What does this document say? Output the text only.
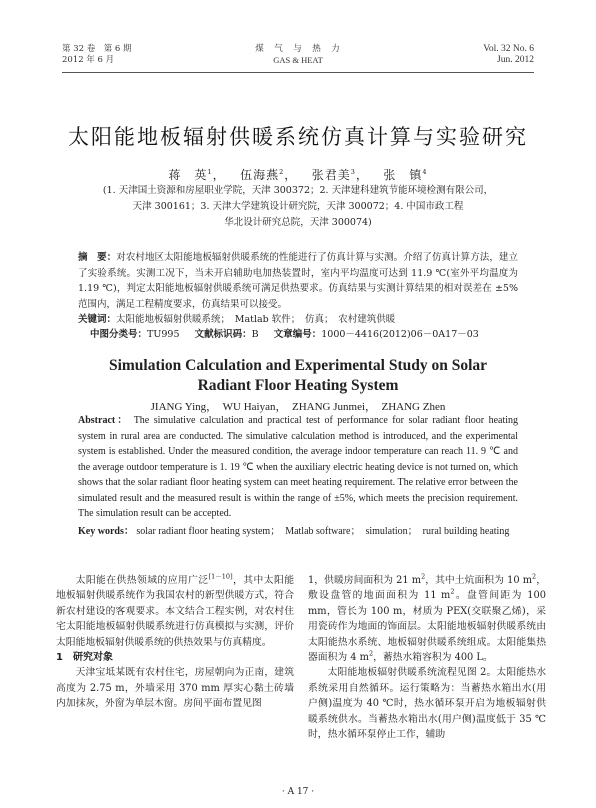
第 32 卷　第 6 期
2012 年 6 月
煤　气　与　热　力
GAS & HEAT
Vol. 32 No. 6
Jun. 2012
太阳能地板辐射供暖系统仿真计算与实验研究
蒋　英$^1$，   伍海燕$^2$，   张君美$^3$，   张　镇$^4$
(1. 天津国土资源和房屋职业学院，天津 300372；2. 天津建科建筑节能环境检测有限公司，
天津 300161；3. 天津大学建筑设计研究院，天津 300072；4. 中国市政工程
华北设计研究总院，天津 300074)
摘　要：对农村地区太阳能地板辐射供暖系统的性能进行了仿真计算与实测。介绍了仿真计算方法，建立了实验系统。实测工况下，当未开启辅助电加热装置时，室内平均温度可达到 11.9 ℃(室外平均温度为 1.19 ℃)，判定太阳能地板辐射供暖系统可满足供热要求。仿真结果与实测计算结果的相对误差在 ±5% 范围内，满足工程精度要求，仿真结果可以接受。
关键词：太阳能地板辐射供暖系统；　Matlab 软件；　仿真；　农村建筑供暖
中图分类号：TU995 文献标识码：B 文章编号：1000－4416(2012)06－0A17－03
Simulation Calculation and Experimental Study on Solar
Radiant Floor Heating System
JIANG Ying，　WU Haiyan，　ZHANG Junmei，　ZHANG Zhen
Abstract： The simulative calculation and practical test of performance for solar radiant floor heating system in rural area are conducted. The simulative calculation method is introduced, and the experimental system is established. Under the measured condition, the average indoor temperature can reach 11. 9 ℃ and the average outdoor temperature is 1. 19 ℃ when the auxiliary electric heating device is not turned on, which shows that the solar radiant floor heating system can meet heating requirement. The relative error between the simulated result and the measured result is within the range of ±5%, which meets the precision requirement. The simulation result can be accepted.
Key words： solar radiant floor heating system；　Matlab software；　simulation；　rural building heating

太阳能在供热领域的应用广泛[1－10]，其中太阳能地板辐射供暖系统作为我国农村的新型供暖方式，符合新农村建设的客观要求。本文结合工程实例，对农村住宅太阳能地板辐射供暖系统进行仿真模拟与实测，评价太阳能地板辐射供暖系统的供热效果与仿真精度。

1　研究对象

天津宝坻某既有农村住宅，房屋朝向为正南，建筑高度为 2.75 m，外墙采用 370 mm 厚实心黏土砖墙内加抹灰，外窗为单层木窗。房间平面布置见图

1，供暖房间面积为 21 $m^2$，其中土炕面积为 10 $m^2$，敷设盘管的地面面积为 11 $m^2$。盘管间距为 100 mm，管长为 100 m，材质为 PEX(交联聚乙烯)，采用瓷砖作为地面的饰面层。太阳能地板辐射供暖系统由太阳能热水系统、地板辐射供暖系统组成。太阳能集热器面积为 4 $m^2$，蓄热水箱容积为 400 L。

太阳能地板辐射供暖系统流程见图 2。太阳能热水系统采用自然循环。运行策略为：当蓄热水箱出水(用户侧)温度为 40 ℃时，热水循环泵开启为地板辐射供暖系统供水。当蓄热水箱出水(用户侧)温度低于 35 ℃时，热水循环泵停止工作，辅助

· A 17 ·
